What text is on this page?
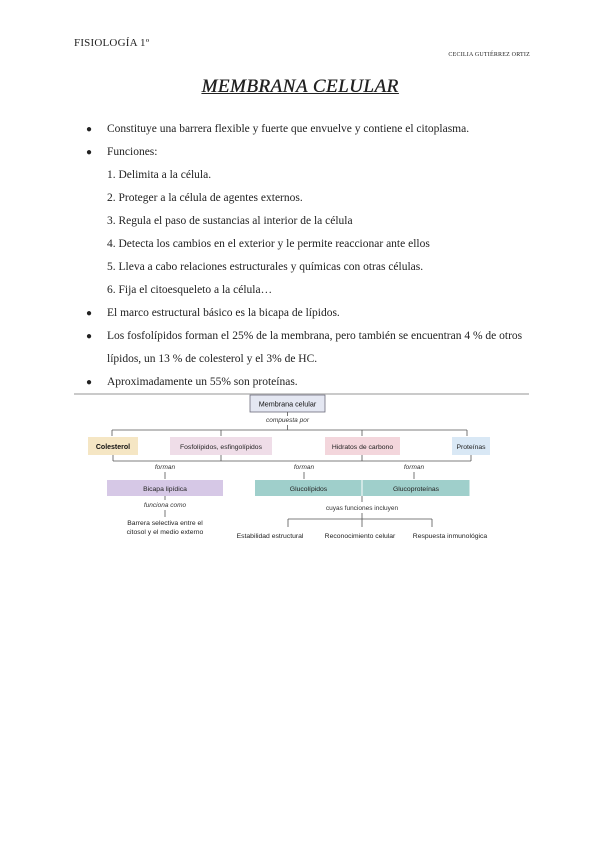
FISIOLOGÍA 1º
CECILIA GUTIÉRREZ ORTIZ
MEMBRANA CELULAR
● Constituye una barrera flexible y fuerte que envuelve y contiene el citoplasma.
● Funciones:
1. Delimita a la célula.
2. Proteger a la célula de agentes externos.
3. Regula el paso de sustancias al interior de la célula
4. Detecta los cambios en el exterior y le permite reaccionar ante ellos
5. Lleva a cabo relaciones estructurales y químicas con otras células.
6. Fija el citoesqueleto a la célula…
● El marco estructural básico es la bicapa de lípidos.
● Los fosfolípidos forman el 25% de la membrana, pero también se encuentran 4 % de otros lípidos, un 13 % de colesterol y el 3% de HC.
● Aproximadamente un 55% son proteínas.
Membrana celular
compuesta por
Colesterol	Fosfolípidos, esfingolípidos	Hidratos de carbono	Proteínas
forman	forman	forman
Bicapa lipídica	Glucolípidos	Glucoproteínas
funciona como
Barrera selectiva entre el
citosol y el medio externo
cuyas funciones incluyen
Estabilidad estructural	Reconocimiento celular	Respuesta inmunológica
